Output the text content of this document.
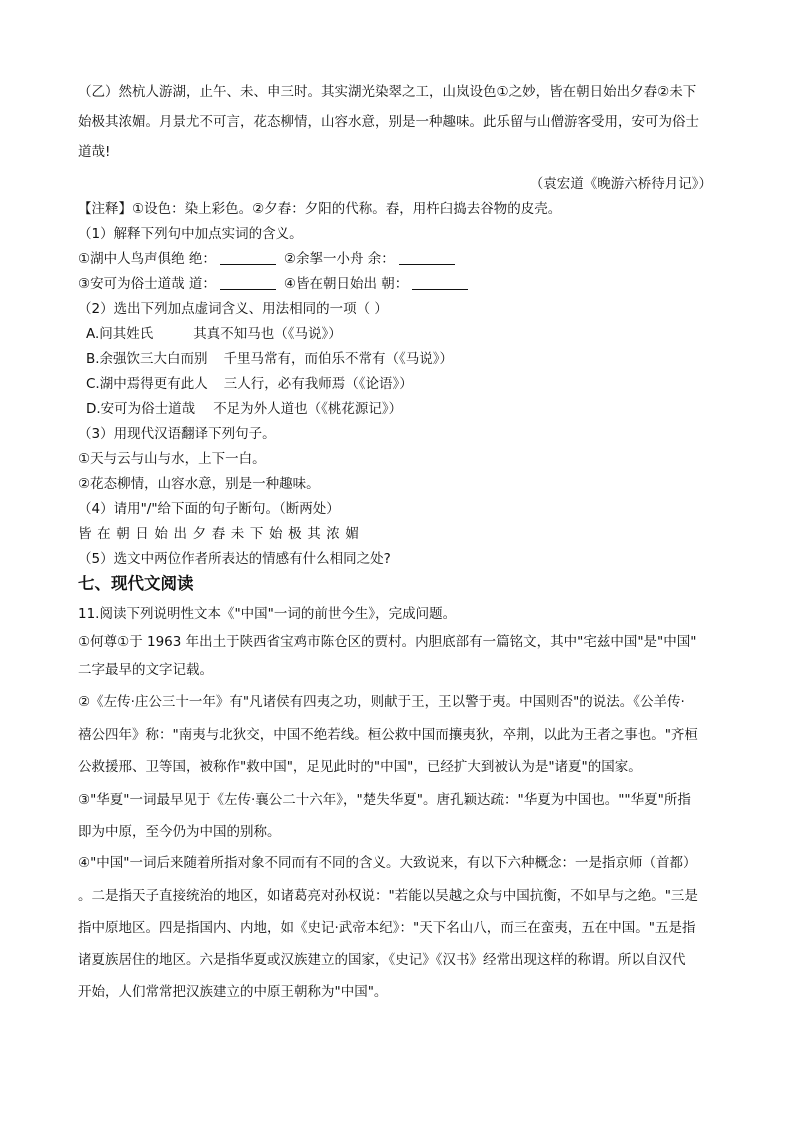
（乙）然杭人游湖，止午、未、申三时。其实湖光染翠之工，山岚设色①之妙，皆在朝日始出夕舂②未下
始极其浓媚。月景尤不可言，花态柳情，山容水意，别是一种趣味。此乐留与山僧游客受用，安可为俗士
道哉!
（袁宏道《晚游六桥待月记》）
【注释】①设色：染上彩色。②夕舂：夕阳的代称。舂，用杵臼捣去谷物的皮壳。
（1）解释下列句中加点实词的含义。
①湖中人鸟声俱绝 绝：	②余挐一小舟 余：
③安可为俗士道哉 道：	④皆在朝日始出 朝：
（2）选出下列加点虚词含义、用法相同的一项（ ）
A.问其姓氏	其真不知马也（《马说》）
B.余强饮三大白而别 千里马常有，而伯乐不常有（《马说》）
C.湖中焉得更有此人 三人行，必有我师焉（《论语》）
D.安可为俗士道哉 不足为外人道也（《桃花源记》）
（3）用现代汉语翻译下列句子。
①天与云与山与水，上下一白。
②花态柳情，山容水意，别是一种趣味。
（4）请用"/"给下面的句子断句。（断两处）
皆在朝日始出夕舂未下始极其浓媚
（5）选文中两位作者所表达的情感有什么相同之处?
七、现代文阅读
11.阅读下列说明性文本《"中国"一词的前世今生》，完成问题。
①何尊①于 1963 年出土于陕西省宝鸡市陈仓区的贾村。内胆底部有一篇铭文，其中"宅兹中国"是"中国"
二字最早的文字记载。
②《左传·庄公三十一年》有"凡诸侯有四夷之功，则献于王，王以警于夷。中国则否"的说法。《公羊传·
禧公四年》称："南夷与北狄交，中国不绝若线。桓公救中国而攘夷狄，卒荆，以此为王者之事也。"齐桓
公救援邢、卫等国，被称作"救中国"，足见此时的"中国"，已经扩大到被认为是"诸夏"的国家。
③"华夏"一词最早见于《左传·襄公二十六年》，"楚失华夏"。唐孔颖达疏："华夏为中国也。""华夏"所指
即为中原，至今仍为中国的别称。
④"中国"一词后来随着所指对象不同而有不同的含义。大致说来，有以下六种概念：一是指京师（首都）
。二是指天子直接统治的地区，如诸葛亮对孙权说："若能以吴越之众与中国抗衡，不如早与之绝。"三是
指中原地区。四是指国内、内地，如《史记·武帝本纪》："天下名山八，而三在蛮夷，五在中国。"五是指
诸夏族居住的地区。六是指华夏或汉族建立的国家，《史记》《汉书》经常出现这样的称谓。所以自汉代
开始，人们常常把汉族建立的中原王朝称为"中国"。
